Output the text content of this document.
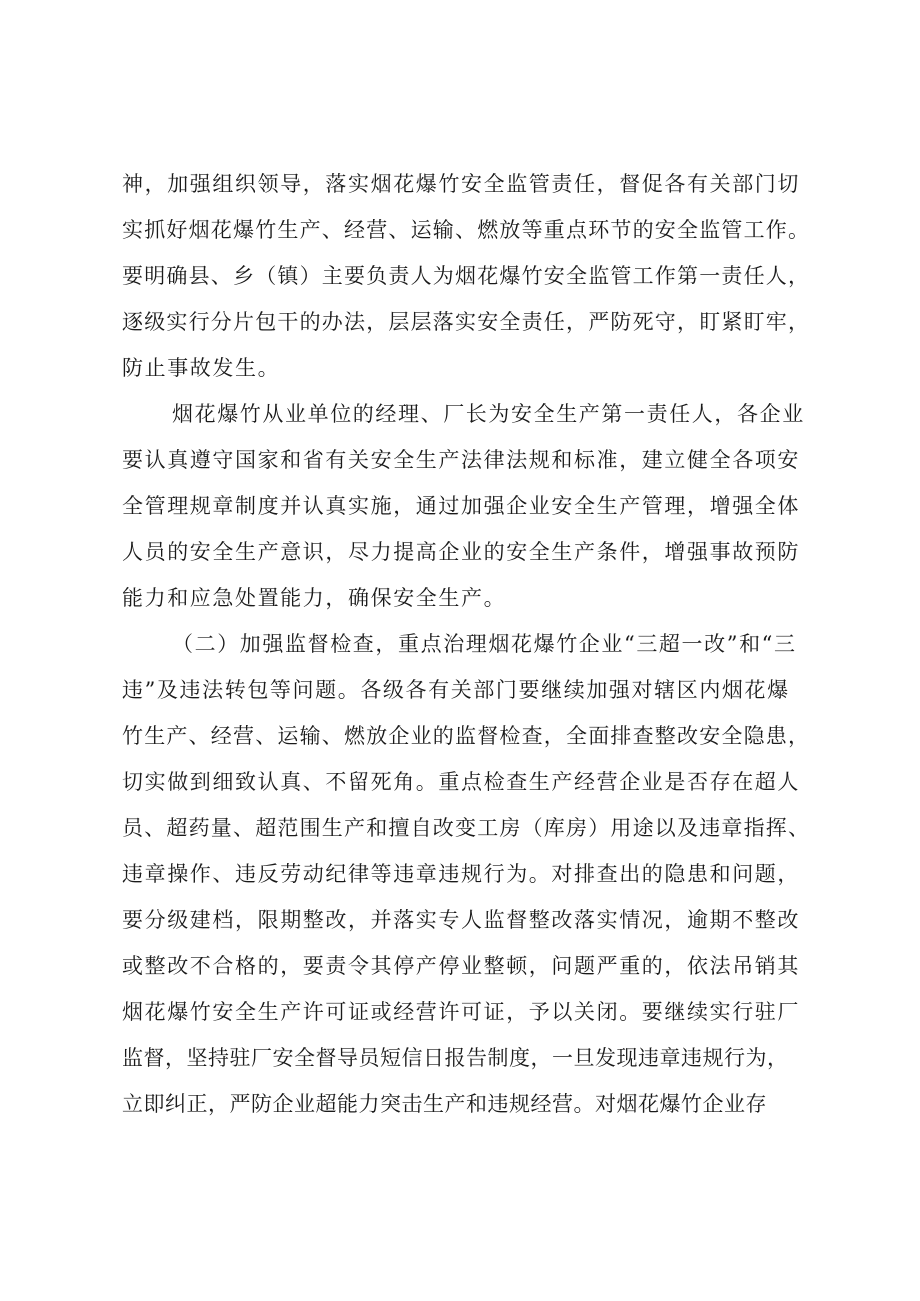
神，加强组织领导，落实烟花爆竹安全监管责任，督促各有关部门切
实抓好烟花爆竹生产、经营、运输、燃放等重点环节的安全监管工作。
要明确县、乡（镇）主要负责人为烟花爆竹安全监管工作第一责任人，
逐级实行分片包干的办法，层层落实安全责任，严防死守，盯紧盯牢，
防止事故发生。
烟花爆竹从业单位的经理、厂长为安全生产第一责任人，各企业
要认真遵守国家和省有关安全生产法律法规和标准，建立健全各项安
全管理规章制度并认真实施，通过加强企业安全生产管理，增强全体
人员的安全生产意识，尽力提高企业的安全生产条件，增强事故预防
能力和应急处置能力，确保安全生产。
（二）加强监督检查，重点治理烟花爆竹企业“三超一改”和“三
违”及违法转包等问题。各级各有关部门要继续加强对辖区内烟花爆
竹生产、经营、运输、燃放企业的监督检查，全面排查整改安全隐患，
切实做到细致认真、不留死角。重点检查生产经营企业是否存在超人
员、超药量、超范围生产和擅自改变工房（库房）用途以及违章指挥、
违章操作、违反劳动纪律等违章违规行为。对排查出的隐患和问题，
要分级建档，限期整改，并落实专人监督整改落实情况，逾期不整改
或整改不合格的，要责令其停产停业整顿，问题严重的，依法吊销其
烟花爆竹安全生产许可证或经营许可证，予以关闭。要继续实行驻厂
监督，坚持驻厂安全督导员短信日报告制度，一旦发现违章违规行为，
立即纠正，严防企业超能力突击生产和违规经营。对烟花爆竹企业存
